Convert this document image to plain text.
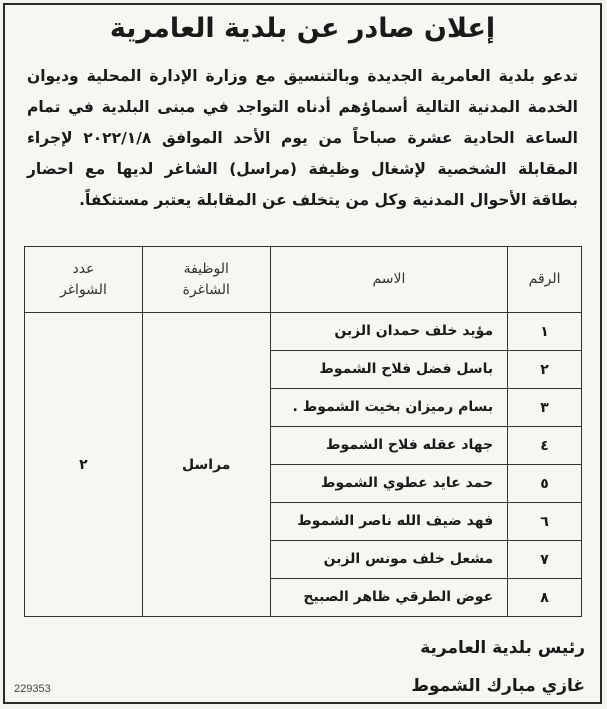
إعلان صادر عن بلدية العامرية
تدعو بلدية العامرية الجديدة وبالتنسيق مع وزارة الإدارة المحلية وديوان الخدمة المدنية التالية أسماؤهم أدناه التواجد في مبنى البلدية في تمام الساعة الحادية عشرة صباحاً من يوم الأحد الموافق ٢٠٢٢/١/٨ لإجراء المقابلة الشخصية لإشغال وظيفة (مراسل) الشاغر لديها مع احضار بطاقة الأحوال المدنية وكل من يتخلف عن المقابلة يعتبر مستنكفاً.
الرقم	الاسم	الوظيفة الشاغرة	عدد الشواغر
١	مؤيد خلف حمدان الزبن	مراسل	٢
٢	باسل فضل فلاح الشموط		

٣	بسام رميزان بخيت الشموط .		

٤	جهاد عقله فلاح الشموط		

٥	حمد عايد عطوي الشموط		

٦	فهد ضيف الله ناصر الشموط		

٧	مشعل خلف مونس الزبن		

٨	عوض الطرقي ظاهر الصبيح		
رئيس بلدية العامرية
غازي مبارك الشموط
229353
